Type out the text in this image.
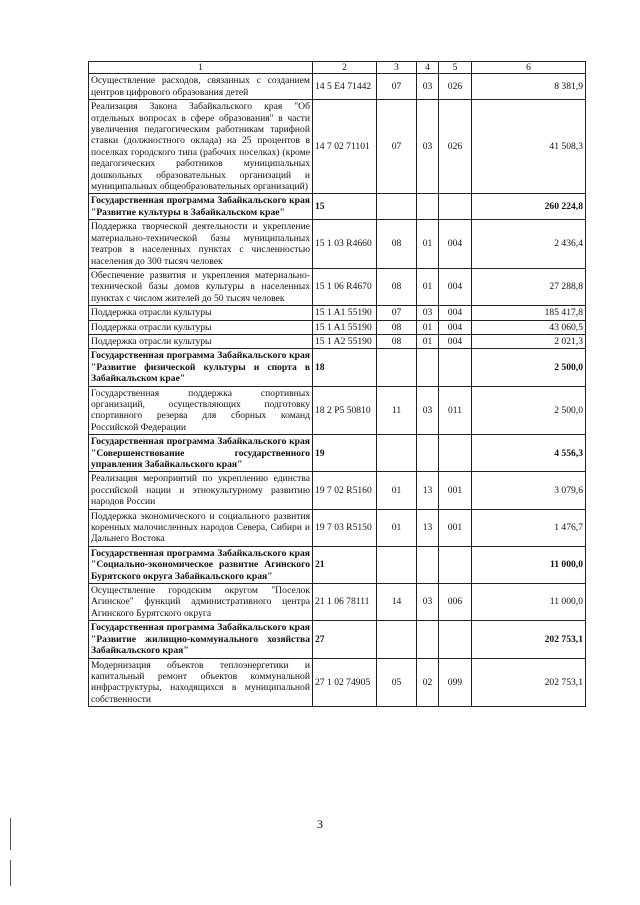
1	2	3	4	5	6
Осуществление расходов, связанных с созданием центров цифрового образования детей	14 5 E4 71442	07	03	026	8 381,9
Реализация Закона Забайкальского края "Об отдельных вопросах в сфере образования" в части увеличения педагогическим работникам тарифной ставки (должностного оклада) на 25 процентов в поселках городского типа (рабочих поселках) (кроме педагогических работников муниципальных дошкольных образовательных организаций и муниципальных общеобразовательных организаций)	14 7 02 71101	07	03	026	41 508,3
Государственная программа Забайкальского края "Развитие культуры в Забайкальском крае"	15				260 224,8
Поддержка творческой деятельности и укрепление материально-технической базы муниципальных театров в населенных пунктах с численностью населения до 300 тысяч человек	15 1 03 R4660	08	01	004	2 436,4
Обеспечение развития и укрепления материально-технической базы домов культуры в населенных пунктах с числом жителей до 50 тысяч человек	15 1 06 R4670	08	01	004	27 288,8
Поддержка отрасли культуры	15 1 A1 55190	07	03	004	185 417,8
Поддержка отрасли культуры	15 1 A1 55190	08	01	004	43 060,5
Поддержка отрасли культуры	15 1 A2 55190	08	01	004	2 021,3
Государственная программа Забайкальского края "Развитие физической культуры и спорта в Забайкальском крае"	18				2 500,0
Государственная поддержка спортивных организаций, осуществляющих подготовку спортивного резерва для сборных команд Российской Федерации	18 2 P5 50810	11	03	011	2 500,0
Государственная программа Забайкальского края "Совершенствование государственного управления Забайкальского края"	19				4 556,3
Реализация мероприятий по укреплению единства российской нации и этнокультурному развитию народов России	19 7 02 R5160	01	13	001	3 079,6
Поддержка экономического и социального развития коренных малочисленных народов Севера, Сибири и Дальнего Востока	19 7 03 R5150	01	13	001	1 476,7
Государственная программа Забайкальского края "Социально-экономическое развитие Агинского Бурятского округа Забайкальского края"	21				11 000,0
Осуществление городским округом "Поселок Агинское" функций административного центра Агинского Бурятского округа	21 1 06 78111	14	03	006	11 000,0
Государственная программа Забайкальского края "Развитие жилищно-коммунального хозяйства Забайкальского края"	27				202 753,1
Модернизация объектов теплоэнергетики и капитальный ремонт объектов коммунальной инфраструктуры, находящихся в муниципальной собственности	27 1 02 74905	05	02	099	202 753,1
3
